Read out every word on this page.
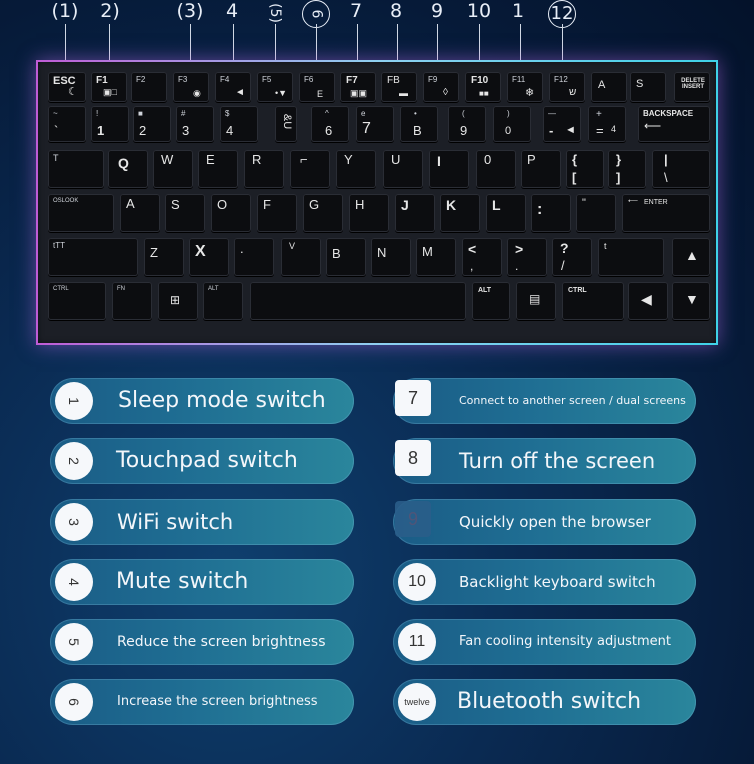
(1) 2)	(3) 4 (5) 6 7 8 9 10 1 12
ESC
☾
F1
▣□
F2	F3
◉
F4
◄
F5
•▼
F6
E
F7
▣▣
FB
▬
F9
◊
F10
■■
F11
❄
F12
ש
A	S	DELETE INSERT
~
`
!
1
■
2
#
3
$
4
&U
^
6
e
7
•
B
(
9
)
0
—
- ◄
+
= 4
BACKSPACE
⟵
T	Q W	E	R	⌐	Y	U	I	0	P	{
[
}
]
|
\
OSLOOK	A	S	O	F	G	H	J	K	L :	"	⟵ ENTER
tTT	Z X	.	V	B	N	M	<
,
>
.
?
/
t
▲
CTRL	FN
⊞
ALT	ALT
▤
CTRL
◀ ▼
1 Sleep mode switch
2 Touchpad switch
3 WiFi switch
4 Mute switch
5	Reduce the screen brightness
6	Increase the screen brightness
7	Connect to another screen / dual screens
8	Turn off the screen
9	Quickly open the browser
10	Backlight keyboard switch
11	Fan cooling intensity adjustment
twelve Bluetooth switch
